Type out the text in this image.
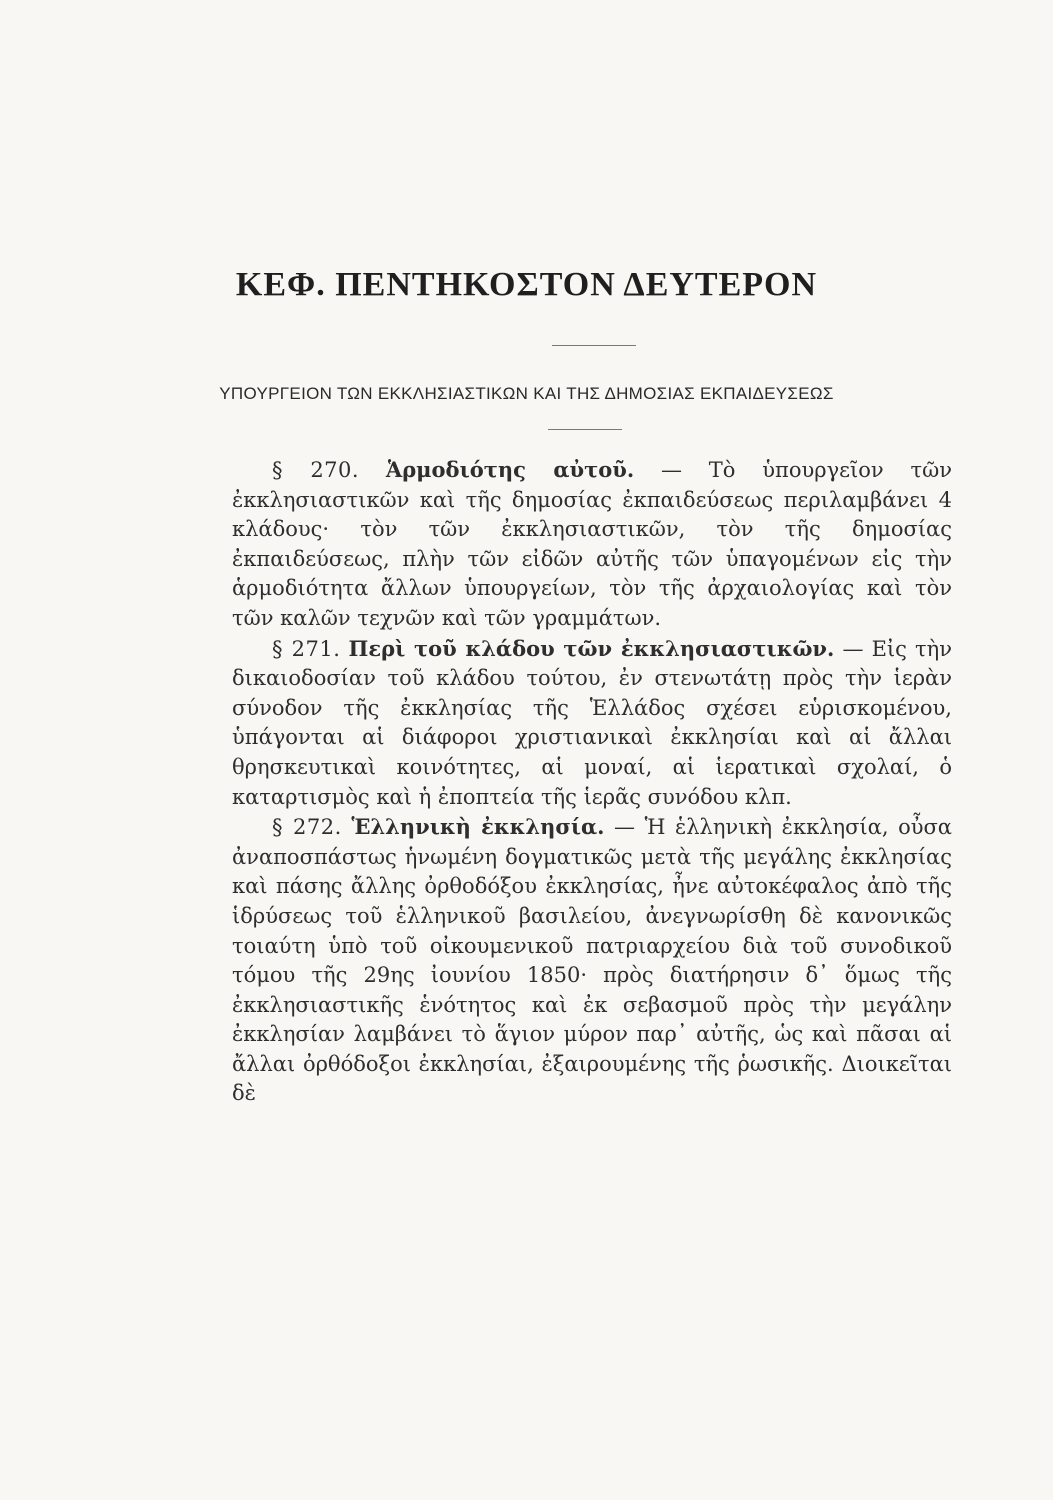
ΚΕΦ. ΠΕΝΤΗΚΟΣΤΟΝ ΔΕΥΤΕΡΟΝ
ΥΠΟΥΡΓΕΙΟΝ ΤΩΝ ΕΚΚΛΗΣΙΑΣΤΙΚΩΝ ΚΑΙ ΤΗΣ ΔΗΜΟΣΙΑΣ ΕΚΠΑΙΔΕΥΣΕΩΣ

§ 270. Ἁρμοδιότης αὐτοῦ. — Τὸ ὑπουργεῖον τῶν ἐκκλησιαστικῶν καὶ τῆς δημοσίας ἐκπαιδεύσεως περιλαμβάνει 4 κλάδους· τὸν τῶν ἐκκλησιαστικῶν, τὸν τῆς δημοσίας ἐκπαιδεύσεως, πλὴν τῶν εἰδῶν αὐτῆς τῶν ὑπαγομένων εἰς τὴν ἁρμοδιότητα ἄλλων ὑπουργείων, τὸν τῆς ἀρχαιολογίας καὶ τὸν τῶν καλῶν τεχνῶν καὶ τῶν γραμμάτων.

§ 271. Περὶ τοῦ κλάδου τῶν ἐκκλησιαστικῶν. — Εἰς τὴν δικαιοδοσίαν τοῦ κλάδου τούτου, ἐν στενωτάτῃ πρὸς τὴν ἱερὰν σύνοδον τῆς ἐκκλησίας τῆς Ἑλλάδος σχέσει εὑρισκομένου, ὑπάγονται αἱ διάφοροι χριστιανικαὶ ἐκκλησίαι καὶ αἱ ἄλλαι θρησκευτικαὶ κοινότητες, αἱ μοναί, αἱ ἱερατικαὶ σχολαί, ὁ καταρτισμὸς καὶ ἡ ἐποπτεία τῆς ἱερᾶς συνόδου κλπ.

§ 272. Ἑλληνικὴ ἐκκλησία. — Ἡ ἑλληνικὴ ἐκκλησία, οὖσα ἀναποσπάστως ἡνωμένη δογματικῶς μετὰ τῆς μεγάλης ἐκκλησίας καὶ πάσης ἄλλης ὀρθοδόξου ἐκκλησίας, ἦνε αὐτοκέφαλος ἀπὸ τῆς ἱδρύσεως τοῦ ἑλληνικοῦ βασιλείου, ἀνεγνωρίσθη δὲ κανονικῶς τοιαύτη ὑπὸ τοῦ οἰκουμενικοῦ πατριαρχείου διὰ τοῦ συνοδικοῦ τόμου τῆς 29ης ἰουνίου 1850· πρὸς διατήρησιν δ᾽ ὅμως τῆς ἐκκλησιαστικῆς ἑνότητος καὶ ἐκ σεβασμοῦ πρὸς τὴν μεγάλην ἐκκλησίαν λαμβάνει τὸ ἅγιον μύρον παρ᾽ αὐτῆς, ὡς καὶ πᾶσαι αἱ ἄλλαι ὀρθόδοξοι ἐκκλησίαι, ἐξαιρουμένης τῆς ῥωσικῆς. Διοικεῖται δὲ
